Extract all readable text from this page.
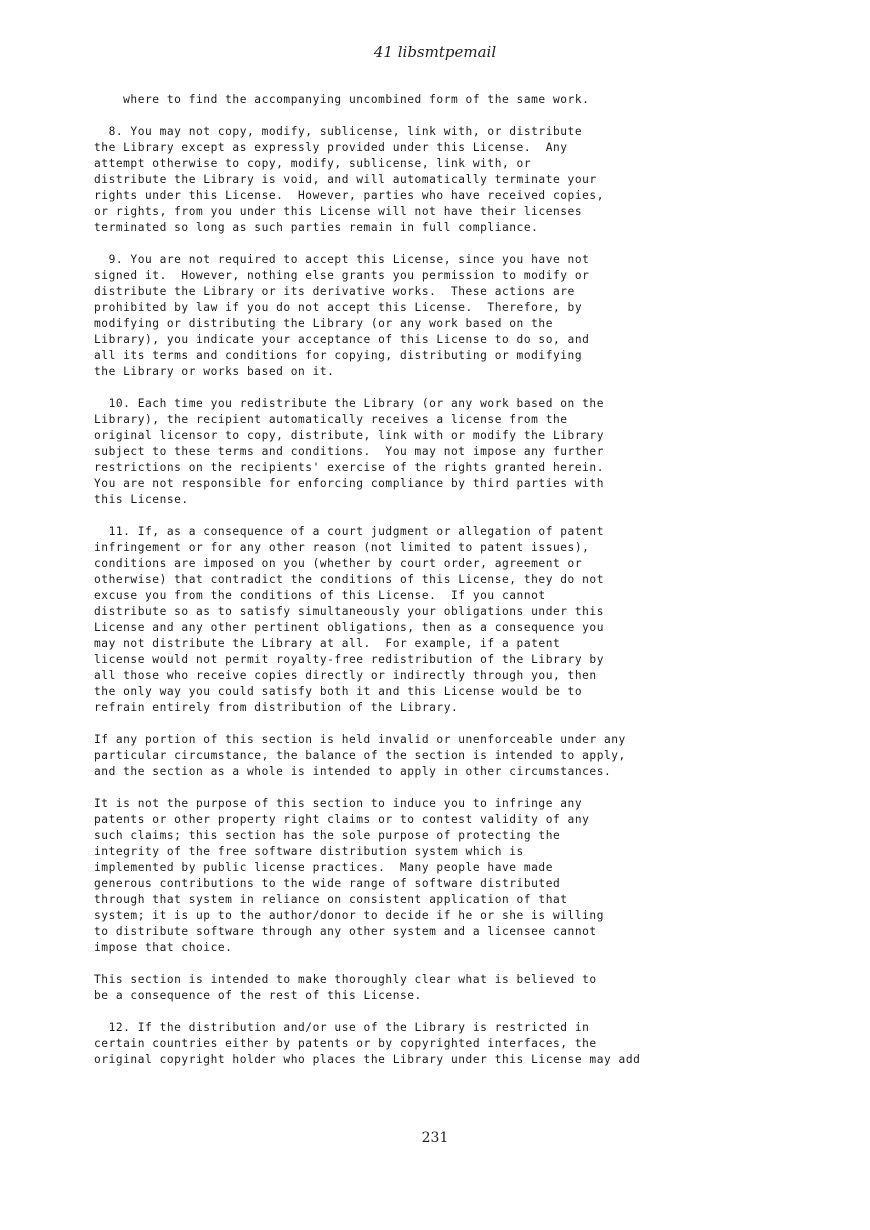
41 libsmtpemail
where to find the accompanying uncombined form of the same work.

8. You may not copy, modify, sublicense, link with, or distribute
the Library except as expressly provided under this License.  Any
attempt otherwise to copy, modify, sublicense, link with, or
distribute the Library is void, and will automatically terminate your
rights under this License.  However, parties who have received copies,
or rights, from you under this License will not have their licenses
terminated so long as such parties remain in full compliance.

9. You are not required to accept this License, since you have not
signed it.  However, nothing else grants you permission to modify or
distribute the Library or its derivative works.  These actions are
prohibited by law if you do not accept this License.  Therefore, by
modifying or distributing the Library (or any work based on the
Library), you indicate your acceptance of this License to do so, and
all its terms and conditions for copying, distributing or modifying
the Library or works based on it.

10. Each time you redistribute the Library (or any work based on the
Library), the recipient automatically receives a license from the
original licensor to copy, distribute, link with or modify the Library
subject to these terms and conditions.  You may not impose any further
restrictions on the recipients' exercise of the rights granted herein.
You are not responsible for enforcing compliance by third parties with
this License.

11. If, as a consequence of a court judgment or allegation of patent
infringement or for any other reason (not limited to patent issues),
conditions are imposed on you (whether by court order, agreement or
otherwise) that contradict the conditions of this License, they do not
excuse you from the conditions of this License.  If you cannot
distribute so as to satisfy simultaneously your obligations under this
License and any other pertinent obligations, then as a consequence you
may not distribute the Library at all.  For example, if a patent
license would not permit royalty-free redistribution of the Library by
all those who receive copies directly or indirectly through you, then
the only way you could satisfy both it and this License would be to
refrain entirely from distribution of the Library.

If any portion of this section is held invalid or unenforceable under any
particular circumstance, the balance of the section is intended to apply,
and the section as a whole is intended to apply in other circumstances.

It is not the purpose of this section to induce you to infringe any
patents or other property right claims or to contest validity of any
such claims; this section has the sole purpose of protecting the
integrity of the free software distribution system which is
implemented by public license practices.  Many people have made
generous contributions to the wide range of software distributed
through that system in reliance on consistent application of that
system; it is up to the author/donor to decide if he or she is willing
to distribute software through any other system and a licensee cannot
impose that choice.

This section is intended to make thoroughly clear what is believed to
be a consequence of the rest of this License.

12. If the distribution and/or use of the Library is restricted in
certain countries either by patents or by copyrighted interfaces, the
original copyright holder who places the Library under this License may add
231
